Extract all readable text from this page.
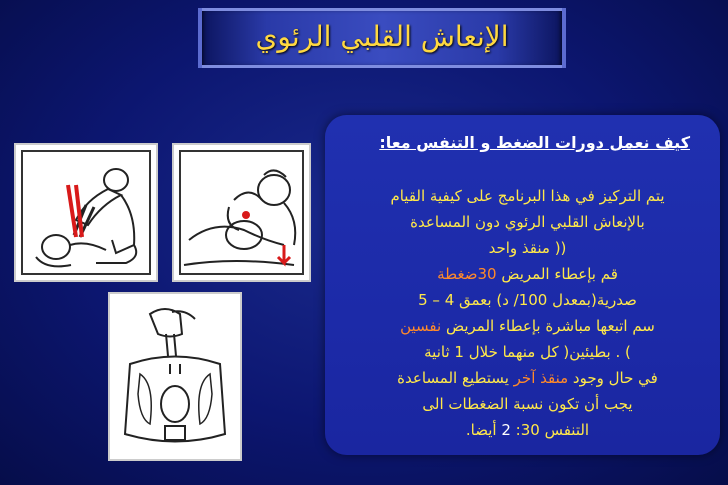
الإنعاش القلبي الرئوي
كيف نعمل دورات الضغط و التنفس معا:
يتم التركيز في هذا البرنامج على كيفية القيام
بالإنعاش القلبي الرئوي دون المساعدة
(( منقذ واحد
قم بإعطاء المريض 30ضغطة
صدرية(بمعدل 100/ د) بعمق 4 – 5
سم اتبعها مباشرة بإعطاء المريض نفسين
) . بطيئين( كل منهما خلال 1 ثانية
في حال وجود منقذ آخر يستطيع المساعدة
يجب أن تكون نسبة الضغطات الى
التنفس 30: 2 أيضا.
